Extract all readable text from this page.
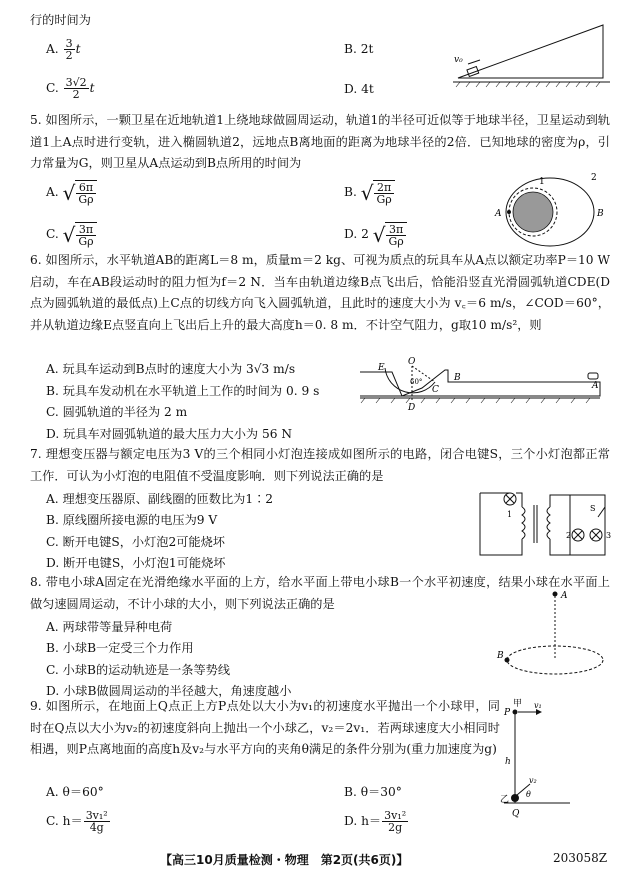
行的时间为
A. $\frac{3}{2}$ t	B. 2t
C. $\frac{3√2}{2}$ t	D. 4t
v₀
5. 如图所示，一颗卫星在近地轨道1上绕地球做圆周运动，轨道1的半径可近似等于地球半径，卫星运动到轨道1上A点时进行变轨，进入椭圆轨道2，远地点B离地面的距离为地球半径的2倍．已知地球的密度为ρ，引力常量为G，则卫星从A点运动到B点所用的时间为
A. √ $\frac{6\pi}{G\rho}$	B. √ $\frac{2\pi}{G\rho}$
C. √ $\frac{3\pi}{G\rho}$	D. 2 √ $\frac{3\pi}{G\rho}$
1	2
A	B
6. 如图所示，水平轨道AB的距离L＝8 m，质量m＝2 kg、可视为质点的玩具车从A点以额定功率P＝10 W启动，车在AB段运动时的阻力恒为f＝2 N．当车由轨道边缘B点飞出后，恰能沿竖直光滑圆弧轨道CDE(D点为圆弧轨道的最低点)上C点的切线方向飞入圆弧轨道，且此时的速度大小为 v꜀＝6 m/s，∠COD＝60°，并从轨道边缘E点竖直向上飞出后上升的最大高度h＝0. 8 m．不计空气阻力，g取10 m/s²，则
A. 玩具车运动到B点时的速度大小为 3√3 m/s
B. 玩具车发动机在水平轨道上工作的时间为 0. 9 s
C. 圆弧轨道的半径为 2 m
D. 玩具车对圆弧轨道的最大压力大小为 56 N
E
O
60°
C
D
B
A
7. 理想变压器与额定电压为3 V的三个相同小灯泡连接成如图所示的电路，闭合电键S，三个小灯泡都正常工作．可认为小灯泡的电阻值不受温度影响．则下列说法正确的是
A. 理想变压器原、副线圈的匝数比为1∶2
B. 原线圈所接电源的电压为9 V
C. 断开电键S，小灯泡2可能烧坏
D. 断开电键S，小灯泡1可能烧坏
1
2	3
S
8. 带电小球A固定在光滑绝缘水平面的上方，给水平面上带电小球B一个水平初速度，结果小球在水平面上做匀速圆周运动，不计小球的大小，则下列说法正确的是
A. 两球带等量异种电荷
B. 小球B一定受三个力作用
C. 小球B的运动轨迹是一条等势线
D. 小球B做圆周运动的半径越大，角速度越小
A
B
9. 如图所示，在地面上Q点正上方P点处以大小为v₁的初速度水平抛出一个小球甲，同时在Q点以大小为v₂的初速度斜向上抛出一个小球乙，v₂＝2v₁．若两球速度大小相同时相遇，则P点离地面的高度h及v₂与水平方向的夹角θ满足的条件分别为(重力加速度为g)
A. θ＝60°	B. θ＝30°
C. $h= \frac{\text{3v₁²}}{4g}$	D. $h= \frac{\text{3v₁²}}{2g}$
甲
P
v₁
h
乙
v₂
θ
Q
【高三10月质量检测・物理　第2页(共6页)】	203058Z
